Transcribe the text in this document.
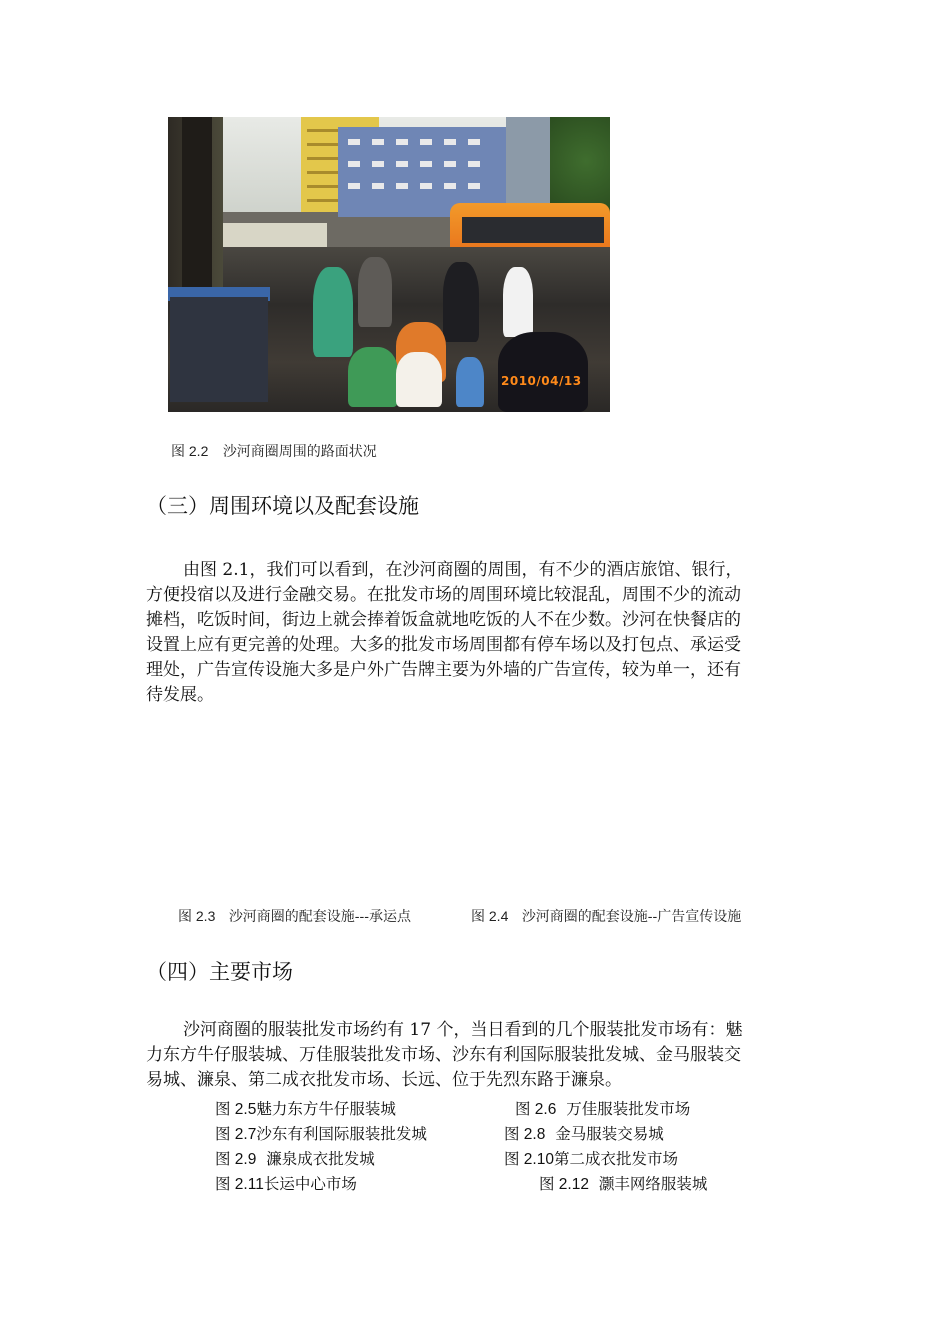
2010/04/13
图 2.2 沙河商圈周围的路面状况
（三）周围环境以及配套设施
由图 2.1，我们可以看到，在沙河商圈的周围，有不少的酒店旅馆、银行，
方便投宿以及进行金融交易。在批发市场的周围环境比较混乱，周围不少的流动
摊档，吃饭时间，街边上就会捧着饭盒就地吃饭的人不在少数。沙河在快餐店的
设置上应有更完善的处理。大多的批发市场周围都有停车场以及打包点、承运受
理处，广告宣传设施大多是户外广告牌主要为外墙的广告宣传，较为单一，还有
待发展。
图 2.3 沙河商圈的配套设施---承运点	图 2.4 沙河商圈的配套设施--广告宣传设施
（四）主要市场
沙河商圈的服装批发市场约有 17 个，当日看到的几个服装批发市场有：魅
力东方牛仔服装城、万佳服装批发市场、沙东有利国际服装批发城、金马服装交
易城、濂泉、第二成衣批发市场、长远、位于先烈东路于濂泉。
图 2.5魅力东方牛仔服装城	图 2.6 万佳服装批发市场
图 2.7沙东有利国际服装批发城	图 2.8 金马服装交易城
图 2.9 濂泉成衣批发城	图 2.10第二成衣批发市场
图 2.11长运中心市场	图 2.12 灏丰网络服装城
